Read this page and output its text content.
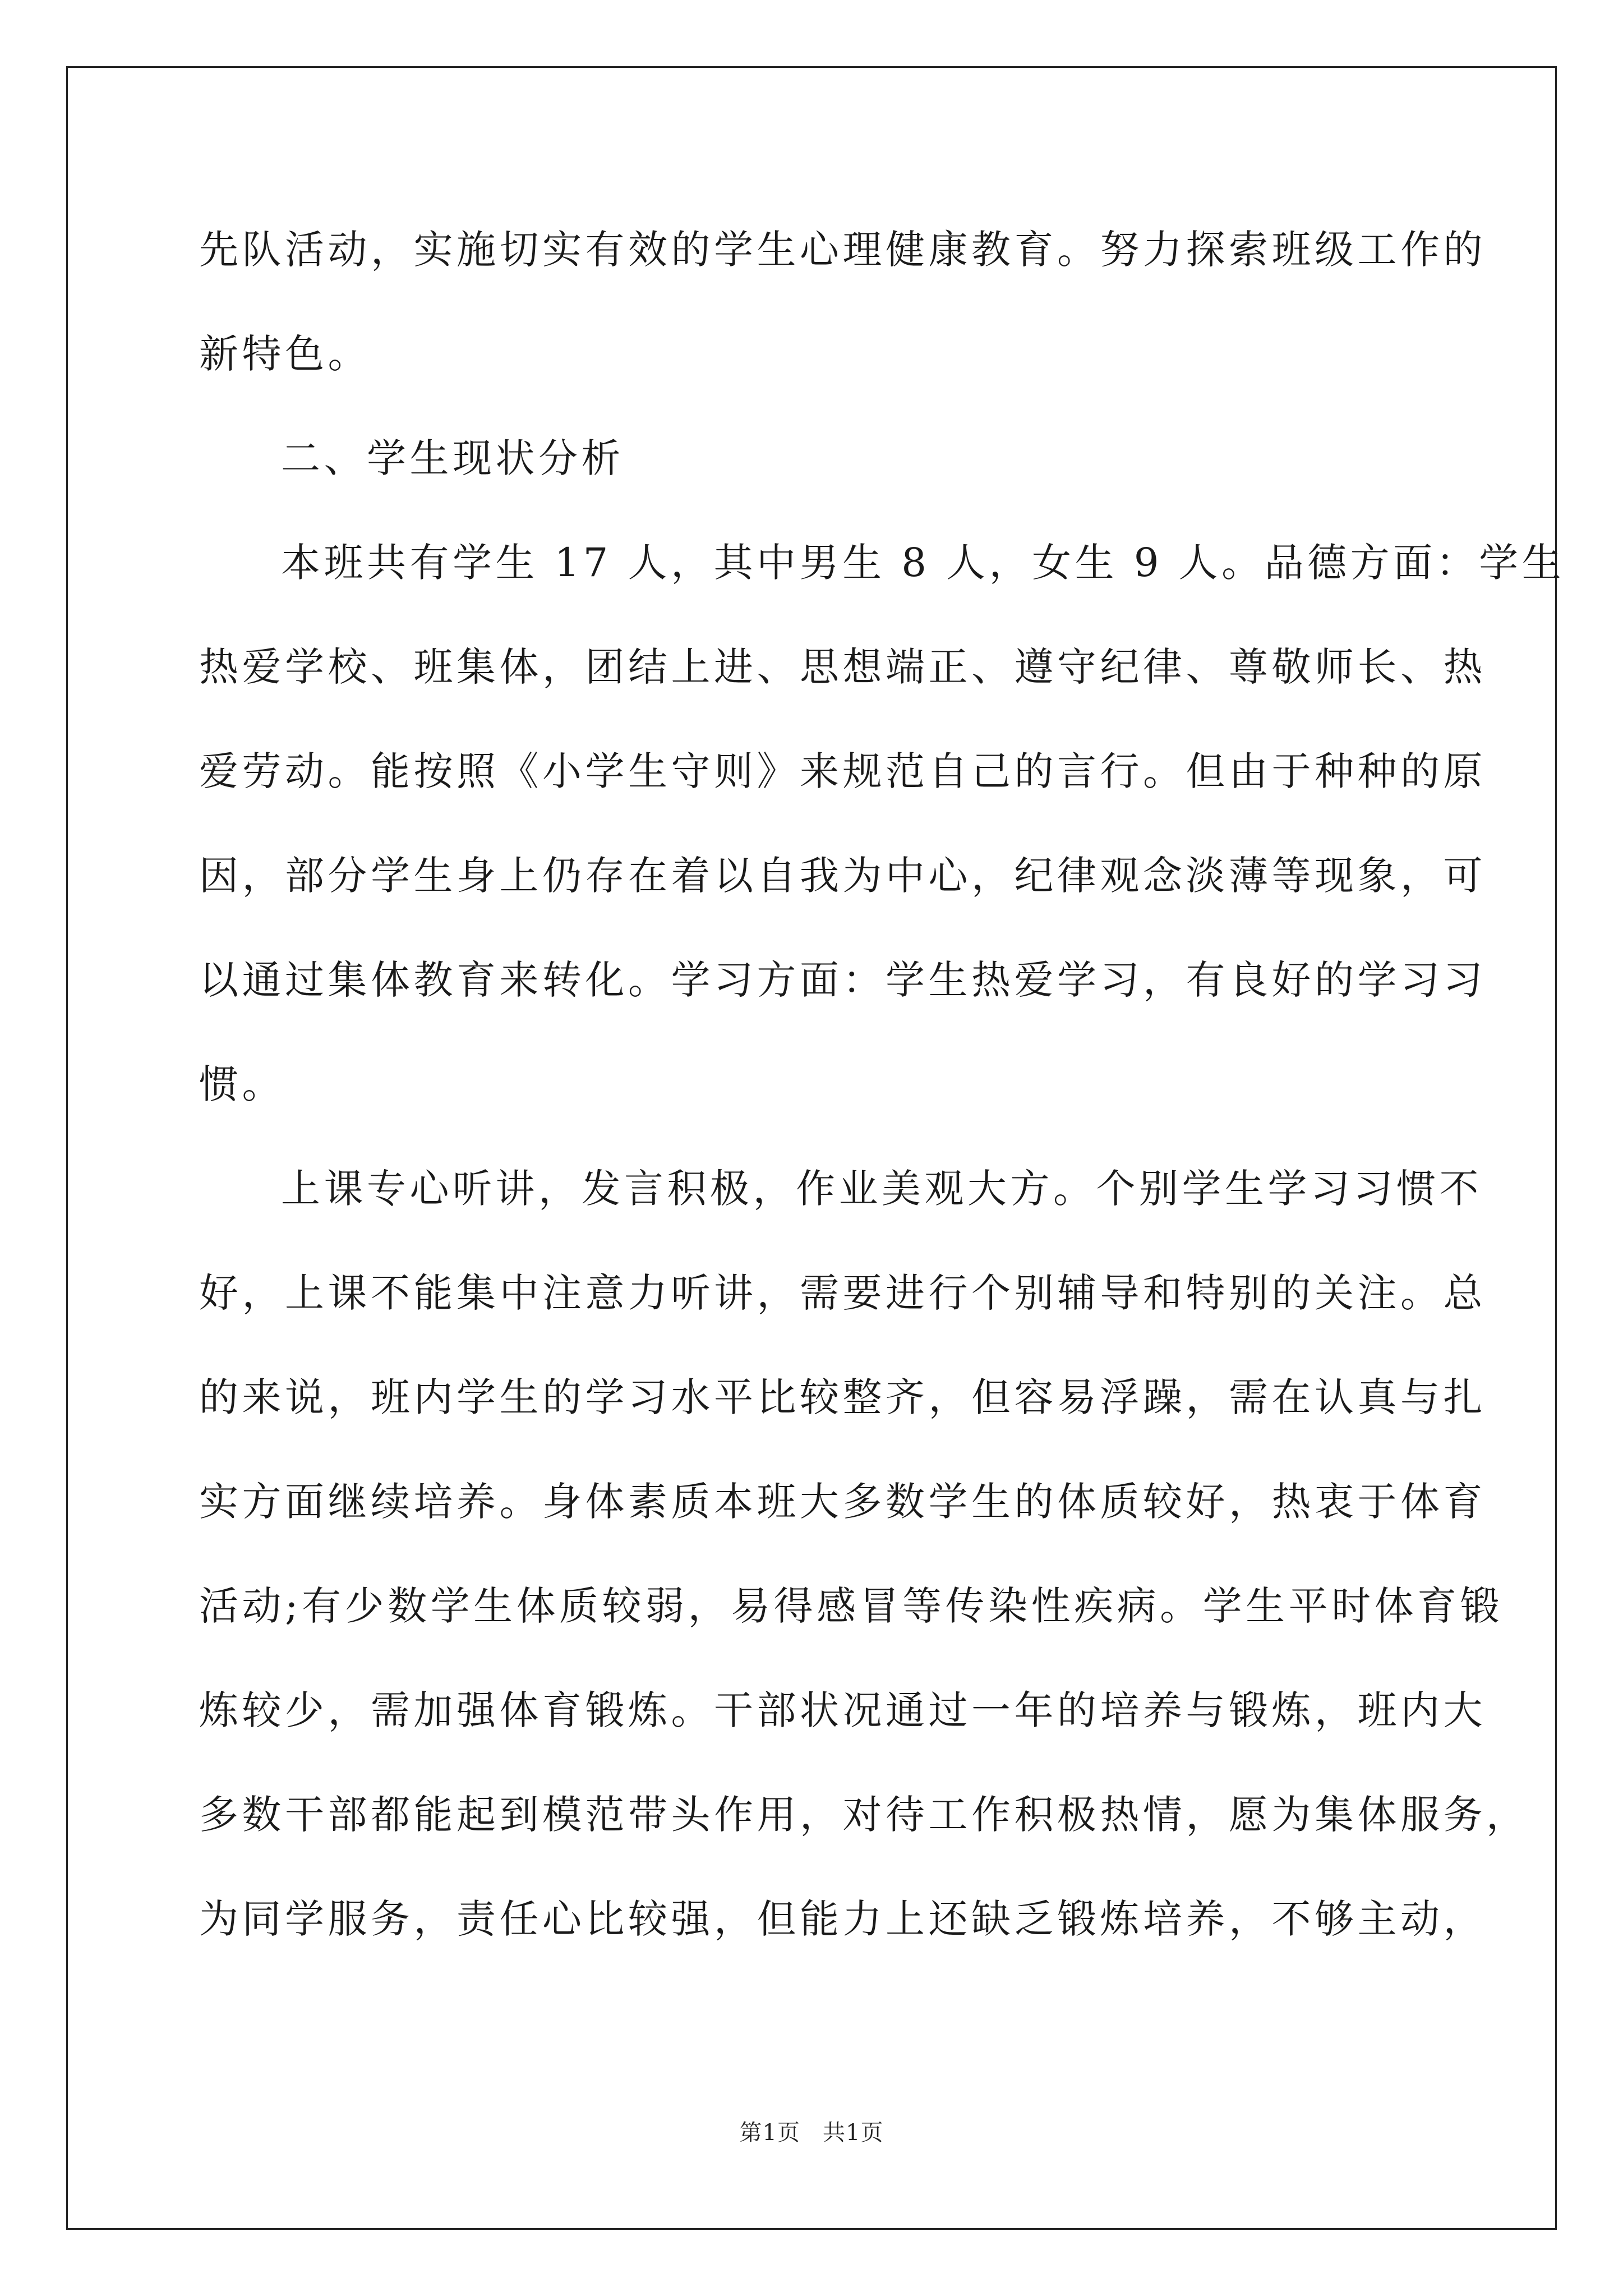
先队活动，实施切实有效的学生心理健康教育。努力探索班级工作的
新特色。
二、学生现状分析
本班共有学生 17 人，其中男生 8 人，女生 9 人。品德方面：学生
热爱学校、班集体，团结上进、思想端正、遵守纪律、尊敬师长、热
爱劳动。能按照《小学生守则》来规范自己的言行。但由于种种的原
因，部分学生身上仍存在着以自我为中心，纪律观念淡薄等现象，可
以通过集体教育来转化。学习方面：学生热爱学习，有良好的学习习
惯。
上课专心听讲，发言积极，作业美观大方。个别学生学习习惯不
好，上课不能集中注意力听讲，需要进行个别辅导和特别的关注。总
的来说，班内学生的学习水平比较整齐，但容易浮躁，需在认真与扎
实方面继续培养。身体素质本班大多数学生的体质较好，热衷于体育
活动;有少数学生体质较弱，易得感冒等传染性疾病。学生平时体育锻
炼较少，需加强体育锻炼。干部状况通过一年的培养与锻炼，班内大
多数干部都能起到模范带头作用，对待工作积极热情，愿为集体服务，
为同学服务，责任心比较强，但能力上还缺乏锻炼培养，不够主动，
第1页 共1页
